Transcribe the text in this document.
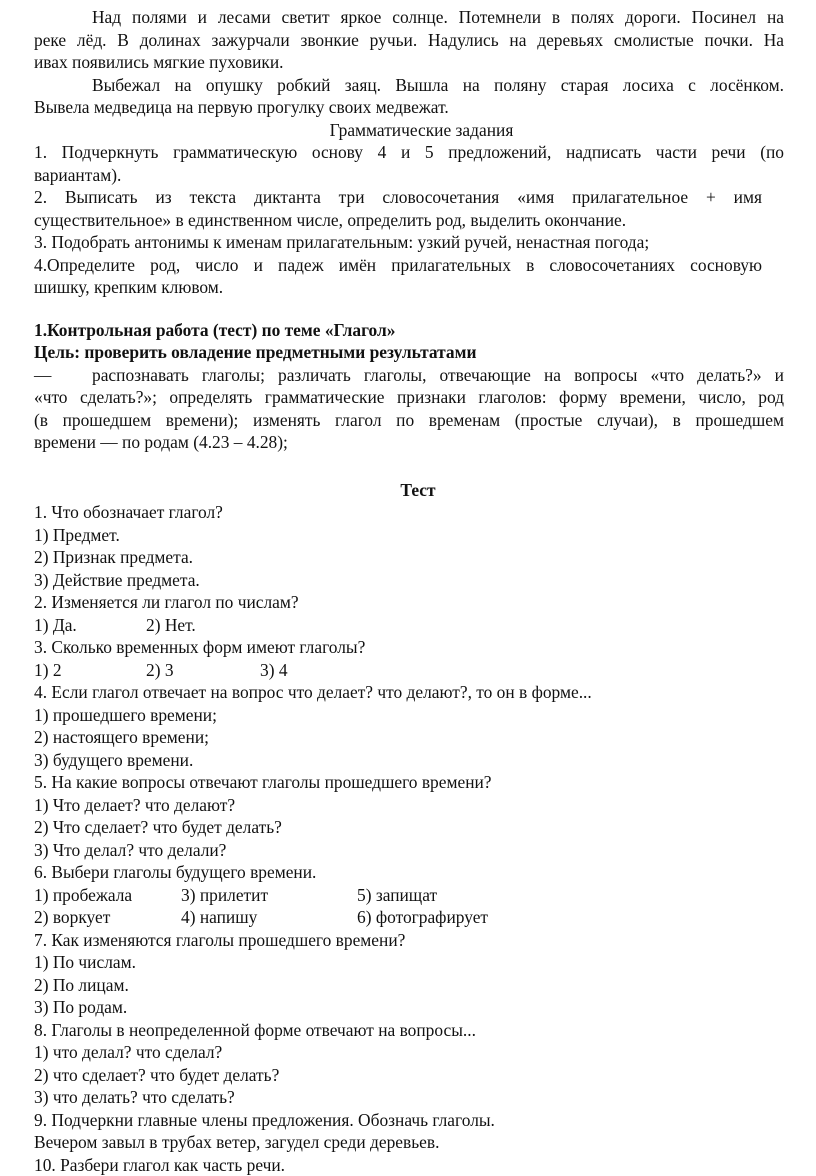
Над полями и лесами светит яркое солнце. Потемнели в полях дороги. Посинел на
реке лёд. В долинах зажурчали звонкие ручьи. Надулись на деревьях смолистые почки. На
ивах появились мягкие пуховики.
Выбежал на опушку робкий заяц. Вышла на поляну старая лосиха с лосёнком.
Вывела медведица на первую прогулку своих медвежат.
Грамматические задания
1. Подчеркнуть грамматическую основу 4 и 5 предложений, надписать части речи (по
вариантам).
2. Выписать из текста диктанта три словосочетания «имя прилагательное + имя
существительное» в единственном числе, определить род, выделить окончание.
3. Подобрать антонимы к именам прилагательным: узкий ручей, ненастная погода;
4.Определите род, число и падеж имён прилагательных в словосочетаниях сосновую
шишку, крепким клювом.
1.Контрольная работа (тест) по теме «Глагол»
Цель: проверить овладение предметными результатами
— распознавать глаголы; различать глаголы, отвечающие на вопросы «что делать?» и
«что сделать?»; определять грамматические признаки глаголов: форму времени, число, род
(в прошедшем времени); изменять глагол по временам (простые случаи), в прошедшем
времени — по родам (4.23 – 4.28);
Тест
1. Что обозначает глагол?
1) Предмет.
2) Признак предмета.
3) Действие предмета.
2. Изменяется ли глагол по числам?
1) Да.	2) Нет.
3. Сколько временных форм имеют глаголы?
1) 2	2) 3	3) 4
4. Если глагол отвечает на вопрос что делает? что делают?, то он в форме...
1) прошедшего времени;
2) настоящего времени;
3) будущего времени.
5. На какие вопросы отвечают глаголы прошедшего времени?
1) Что делает? что делают?
2) Что сделает? что будет делать?
3) Что делал? что делали?
6. Выбери глаголы будущего времени.
1) пробежала	3) прилетит	5) запищат
2) воркует	4) напишу	6) фотографирует
7. Как изменяются глаголы прошедшего времени?
1) По числам.
2) По лицам.
3) По родам.
8. Глаголы в неопределенной форме отвечают на вопросы...
1) что делал? что сделал?
2) что сделает? что будет делать?
3) что делать? что сделать?
9. Подчеркни главные члены предложения. Обозначь глаголы.
Вечером завыл в трубах ветер, загудел среди деревьев.
10. Разбери глагол как часть речи.
